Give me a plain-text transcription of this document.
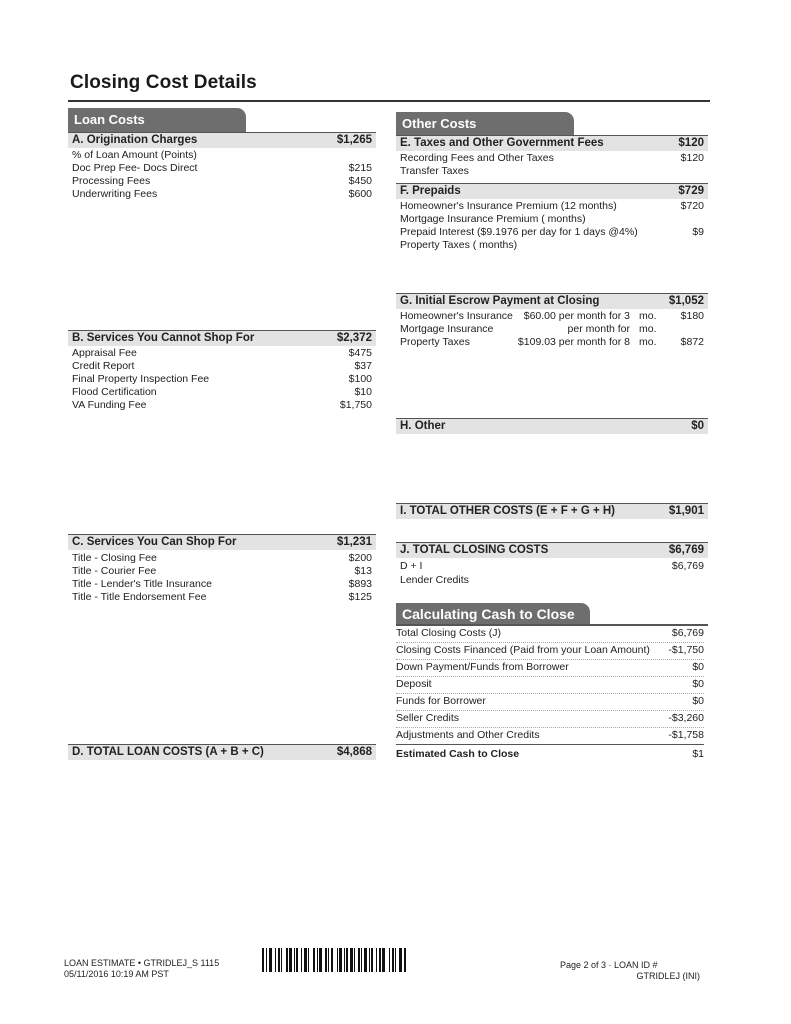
Closing Cost Details
Loan Costs
A. Origination Charges	$1,265
% of Loan Amount (Points)
Doc Prep Fee- Docs Direct	$215
Processing Fees	$450
Underwriting Fees	$600
B. Services You Cannot Shop For	$2,372
Appraisal Fee	$475
Credit Report	$37
Final Property Inspection Fee	$100
Flood Certification	$10
VA Funding Fee	$1,750
C. Services You Can Shop For	$1,231
Title - Closing Fee	$200
Title - Courier Fee	$13
Title - Lender's Title Insurance	$893
Title - Title Endorsement Fee	$125
D. TOTAL LOAN COSTS (A + B + C)	$4,868
Other Costs
E. Taxes and Other Government Fees	$120
Recording Fees and Other Taxes	$120
Transfer Taxes
F. Prepaids	$729
Homeowner's Insurance Premium (12 months)	$720
Mortgage Insurance Premium ( months)
Prepaid Interest ($9.1976 per day for 1 days @4%)	$9
Property Taxes ( months)
G. Initial Escrow Payment at Closing	$1,052
Homeowner's Insurance $60.00 per month for 3 mo. $180
Mortgage Insurance	per month for mo.
Property Taxes	$109.03 per month for 8 mo. $872
H. Other	$0
I. TOTAL OTHER COSTS (E + F + G + H)	$1,901
J. TOTAL CLOSING COSTS	$6,769
D + I	$6,769
Lender Credits
Calculating Cash to Close
Total Closing Costs (J)	$6,769
Closing Costs Financed (Paid from your Loan Amount) -$1,750
Down Payment/Funds from Borrower	$0
Deposit	$0
Funds for Borrower	$0
Seller Credits	-$3,260
Adjustments and Other Credits	-$1,758
Estimated Cash to Close	$1
LOAN ESTIMATE • GTRIDLEJ_S 1115
05/11/2016 10:19 AM PST
Page 2 of 3 · LOAN ID #
GTRIDLEJ (INI)
